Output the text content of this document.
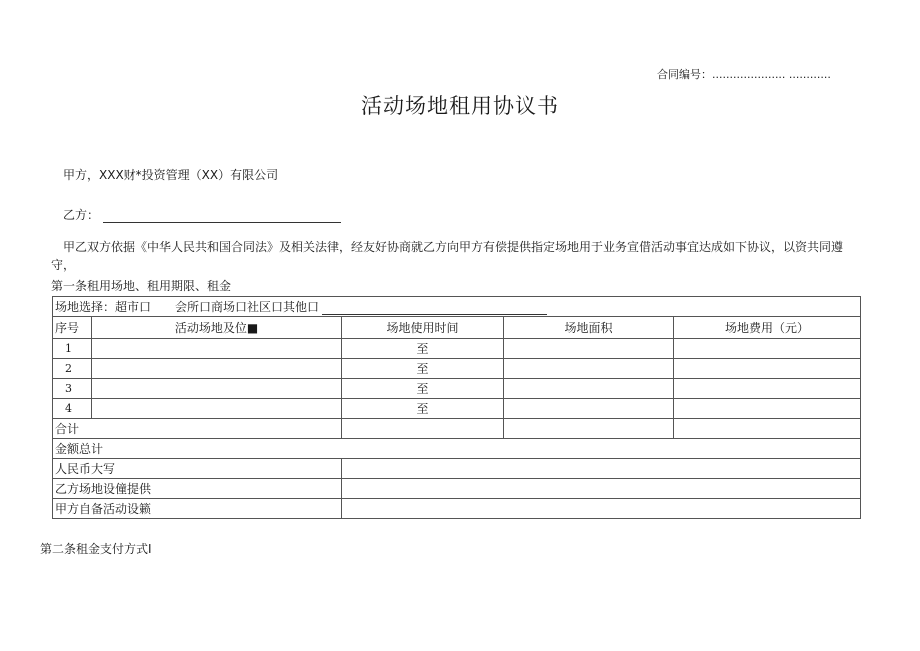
合同编号：..................... ............
活动场地租用协议书
甲方，XXX财*投资管理（XX）有限公司
乙方：
甲乙双方依据《中华人民共和国合同法》及相关法律，经友好协商就乙方向甲方有偿提供指定场地用于业务宣借活动事宜达成如下协议，以资共同遵守，
第一条租用场地、租用期限、租金
场地选择：超市口　　会所口商场口社区口其他口				
序号	活动场地及位■	场地使用时间	场地面积	场地费用（元）
1		至		
2		至		
3		至		
4		至		
合计				
金额总计				
人民币大写				
乙方场地设僮提供				
甲方自备活动设籁				
第二条租金支付方式I
